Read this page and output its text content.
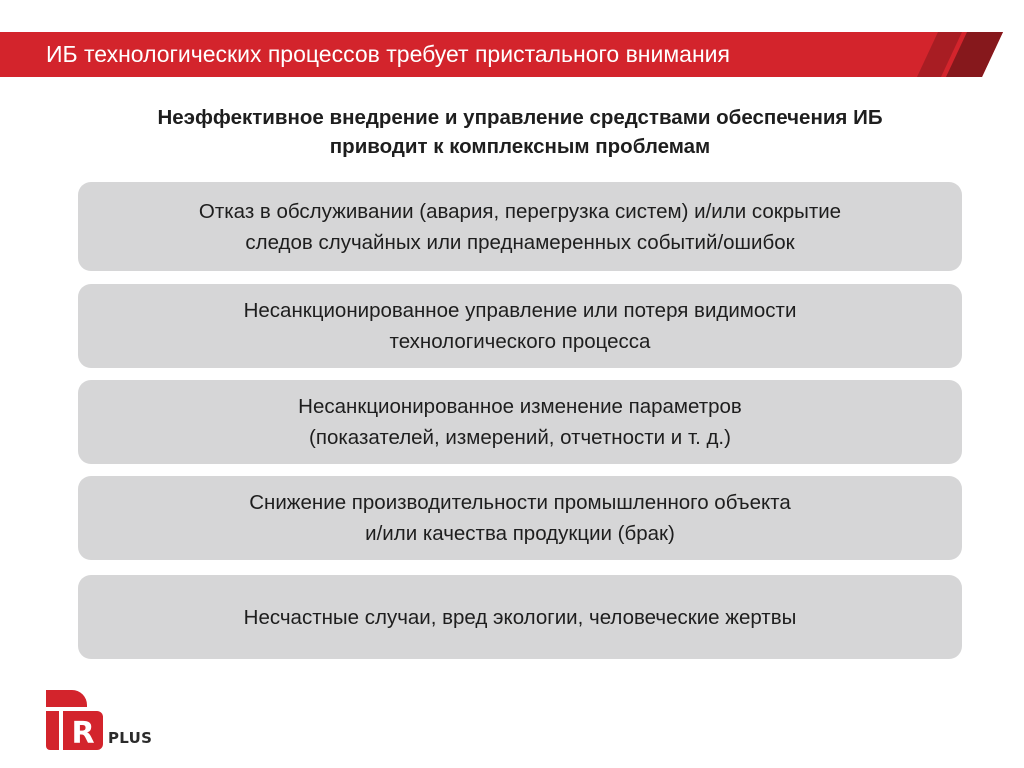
ИБ технологических процессов требует пристального внимания
Неэффективное внедрение и управление средствами обеспечения ИБ
приводит к комплексным проблемам
Отказ в обслуживании (авария, перегрузка систем) и/или сокрытие
следов случайных или преднамеренных событий/ошибок
Несанкционированное управление или потеря видимости
технологического процесса
Несанкционированное изменение параметров
(показателей, измерений, отчетности и т. д.)
Снижение производительности промышленного объекта
и/или качества продукции (брак)
Несчастные случаи, вред экологии, человеческие жертвы
R PLUS
